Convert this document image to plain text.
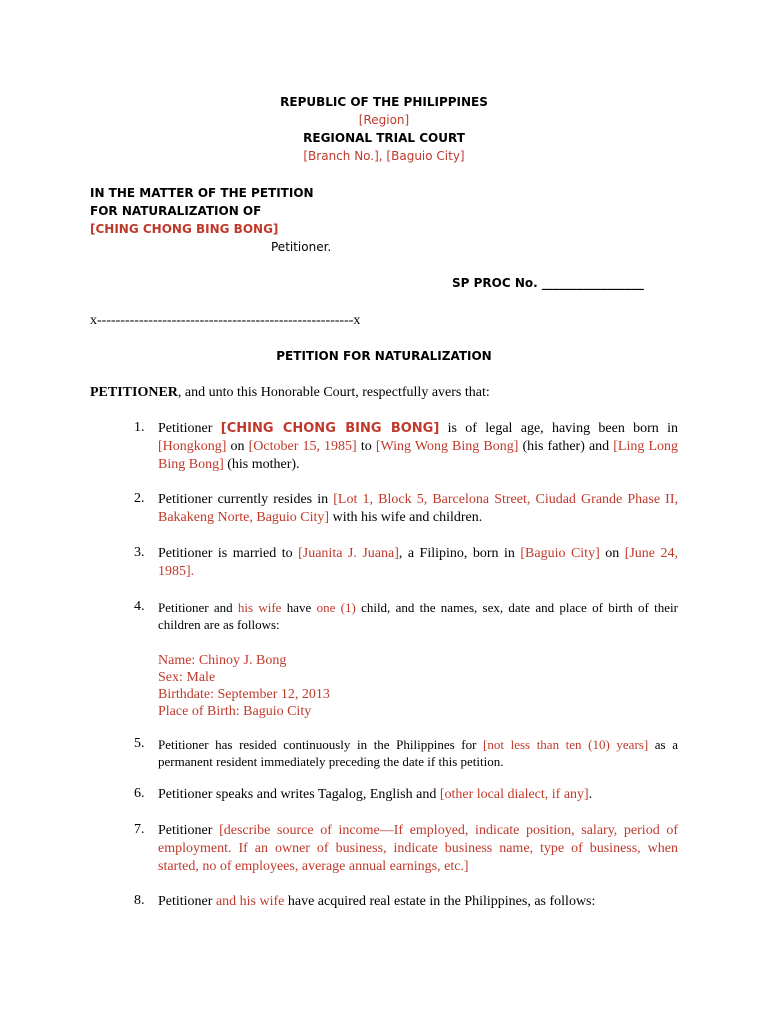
REPUBLIC OF THE PHILIPPINES
[Region]
REGIONAL TRIAL COURT
[Branch No.], [Baguio City]
IN THE MATTER OF THE PETITION
FOR NATURALIZATION OF
[CHING CHONG BING BONG]
Petitioner.
SP PROC No. _________________
x-------------------------------------------------------x
PETITION FOR NATURALIZATION
PETITIONER, and unto this Honorable Court, respectfully avers that:
1. Petitioner [CHING CHONG BING BONG] is of legal age, having been born in [Hongkong] on [October 15, 1985] to [Wing Wong Bing Bong] (his father) and [Ling Long Bing Bong] (his mother).
2. Petitioner currently resides in [Lot 1, Block 5, Barcelona Street, Ciudad Grande Phase II, Bakakeng Norte, Baguio City] with his wife and children.
3. Petitioner is married to [Juanita J. Juana], a Filipino, born in [Baguio City] on [June 24, 1985].
4.	Petitioner and his wife have one (1) child, and the names, sex, date and place of birth of their children are as follows:
Name: Chinoy J. Bong
Sex: Male
Birthdate: September 12, 2013
Place of Birth: Baguio City
5.	Petitioner has resided continuously in the Philippines for [not less than ten (10) years] as a permanent resident immediately preceding the date if this petition.
6. Petitioner speaks and writes Tagalog, English and [other local dialect, if any].
7. Petitioner [describe source of income—If employed, indicate position, salary, period of employment. If an owner of business, indicate business name, type of business, when started, no of employees, average annual earnings, etc.]
8. Petitioner and his wife have acquired real estate in the Philippines, as follows:
